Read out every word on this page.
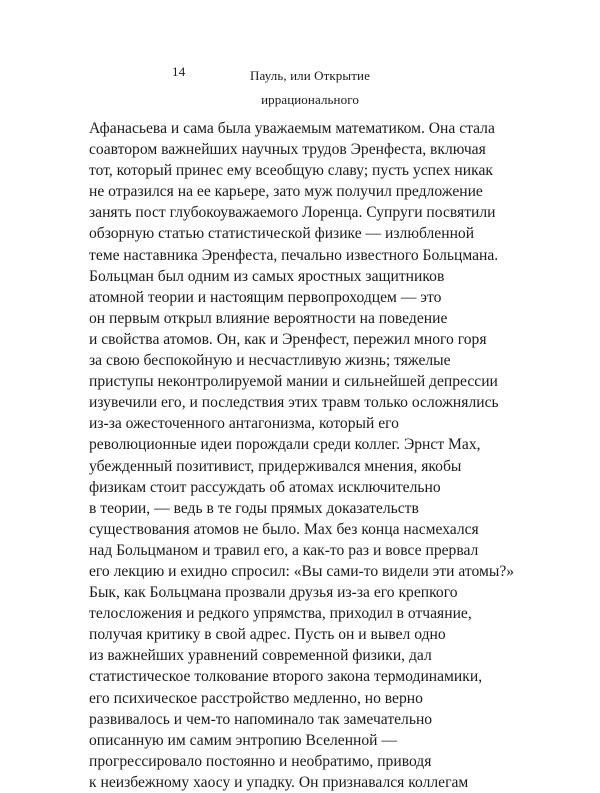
14	Пауль, или Открытие
иррационального
Афанасьева и сама была уважаемым математиком. Она стала
соавтором важнейших научных трудов Эренфеста, включая
тот, который принес ему всеобщую славу; пусть успех никак
не отразился на ее карьере, зато муж получил предложение
занять пост глубокоуважаемого Лоренца. Супруги посвятили
обзорную статью статистической физике — излюбленной
теме наставника Эренфеста, печально известного Больцмана.
Больцман был одним из самых яростных защитников
атомной теории и настоящим первопроходцем — это
он первым открыл влияние вероятности на поведение
и свойства атомов. Он, как и Эренфест, пережил много горя
за свою беспокойную и несчастливую жизнь; тяжелые
приступы неконтролируемой мании и сильнейшей депрессии
изувечили его, и последствия этих травм только осложнялись
из-за ожесточенного антагонизма, который его
революционные идеи порождали среди коллег. Эрнст Мах,
убежденный позитивист, придерживался мнения, якобы
физикам стоит рассуждать об атомах исключительно
в теории, — ведь в те годы прямых доказательств
существования атомов не было. Мах без конца насмехался
над Больцманом и травил его, а как-то раз и вовсе прервал
его лекцию и ехидно спросил: «Вы сами-то видели эти атомы?»
Бык, как Больцмана прозвали друзья из-за его крепкого
телосложения и редкого упрямства, приходил в отчаяние,
получая критику в свой адрес. Пусть он и вывел одно
из важнейших уравнений современной физики, дал
статистическое толкование второго закона термодинамики,
его психическое расстройство медленно, но верно
развивалось и чем-то напоминало так замечательно
описанную им самим энтропию Вселенной —
прогрессировало постоянно и необратимо, приводя
к неизбежному хаосу и упадку. Он признавался коллегам
